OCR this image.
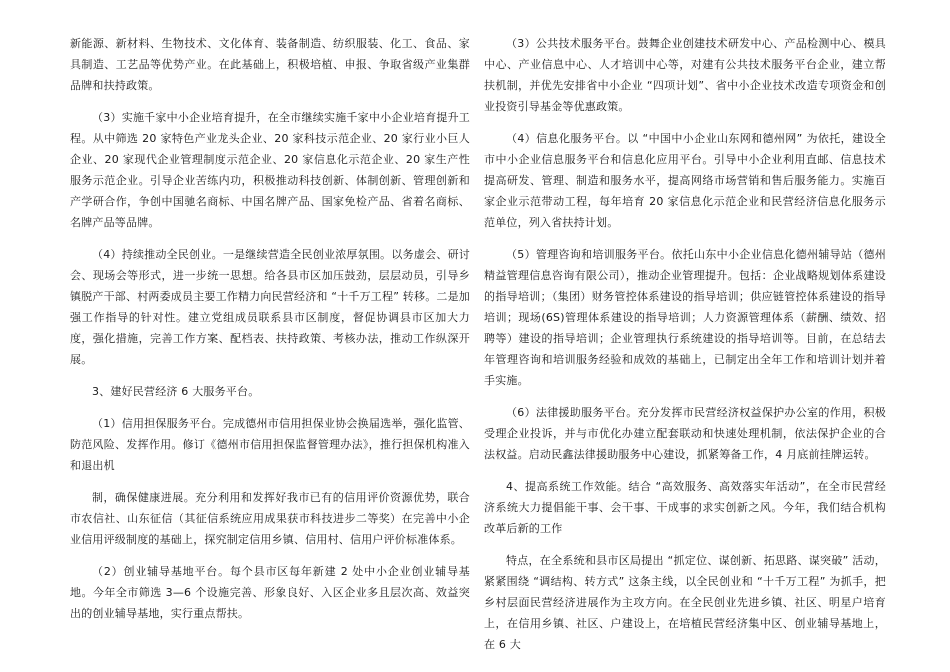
新能源、新材料、生物技术、文化体育、装备制造、纺织服装、化工、食品、家具制造、工艺品等优势产业。在此基础上，积极培植、申报、争取省级产业集群品牌和扶持政策。

（3）实施千家中小企业培育提升，在全市继续实施千家中小企业培育提升工程。从中筛选 20 家特色产业龙头企业、20 家科技示范企业、20 家行业小巨人企业、20 家现代企业管理制度示范企业、20 家信息化示范企业、20 家生产性服务示范企业。引导企业苦练内功，积极推动科技创新、体制创新、管理创新和产学研合作，争创中国驰名商标、中国名牌产品、国家免检产品、省着名商标、名牌产品等品牌。

（4）持续推动全民创业。一是继续营造全民创业浓厚氛围。以务虚会、研讨会、现场会等形式，进一步统一思想。给各县市区加压鼓劲，层层动员，引导乡镇脱产干部、村两委成员主要工作精力向民营经济和 “十千万工程” 转移。二是加强工作指导的针对性。建立党组成员联系县市区制度，督促协调县市区加大力度，强化措施，完善工作方案、配档表、扶持政策、考核办法，推动工作纵深开展。

3、建好民营经济 6 大服务平台。

（1）信用担保服务平台。完成德州市信用担保业协会换届选举，强化监管、防范风险、发挥作用。修订《德州市信用担保监督管理办法》，推行担保机构准入和退出机

制，确保健康进展。充分利用和发挥好我市已有的信用评价资源优势，联合市农信社、山东征信（其征信系统应用成果获市科技进步二等奖）在完善中小企业信用评级制度的基础上，探究制定信用乡镇、信用村、信用户评价标准体系。

（2）创业辅导基地平台。每个县市区每年新建 2 处中小企业创业辅导基地。今年全市筛选 3—6 个设施完善、形象良好、入区企业多且层次高、效益突出的创业辅导基地，实行重点帮扶。

（3）公共技术服务平台。鼓舞企业创建技术研发中心、产品检测中心、模具中心、产业信息中心、人才培训中心等，对建有公共技术服务平台企业，建立帮扶机制，并优先安排省中小企业 “四项计划”、省中小企业技术改造专项资金和创业投资引导基金等优惠政策。

（4）信息化服务平台。以 “中国中小企业山东网和德州网” 为依托，建设全市中小企业信息服务平台和信息化应用平台。引导中小企业利用直邮、信息技术提高研发、管理、制造和服务水平，提高网络市场营销和售后服务能力。实施百家企业示范带动工程，每年培育 20 家信息化示范企业和民营经济信息化服务示范单位，列入省扶持计划。

（5）管理咨询和培训服务平台。依托山东中小企业信息化德州辅导站（德州精益管理信息咨询有限公司），推动企业管理提升。包括：企业战略规划体系建设的指导培训；（集团）财务管控体系建设的指导培训；供应链管控体系建设的指导培训；现场(6S)管理体系建设的指导培训；人力资源管理体系（薪酬、绩效、招聘等）建设的指导培训；企业管理执行系统建设的指导培训等。目前，在总结去年管理咨询和培训服务经验和成效的基础上，已制定出全年工作和培训计划并着手实施。

（6）法律援助服务平台。充分发挥市民营经济权益保护办公室的作用，积极受理企业投诉，并与市优化办建立配套联动和快速处理机制，依法保护企业的合法权益。启动民鑫法律援助服务中心建设，抓紧筹备工作，4 月底前挂牌运转。

4、提高系统工作效能。结合 “高效服务、高效落实年活动”，在全市民营经济系统大力提倡能干事、会干事、干成事的求实创新之风。今年，我们结合机构改革后新的工作

特点，在全系统和县市区局提出 “抓定位、谋创新、拓思路、谋突破” 活动，紧紧围绕 “调结构、转方式” 这条主线，以全民创业和 “十千万工程” 为抓手，把乡村层面民营经济进展作为主攻方向。在全民创业先进乡镇、社区、明星户培育上，在信用乡镇、社区、户建设上，在培植民营经济集中区、创业辅导基地上，在 6 大
